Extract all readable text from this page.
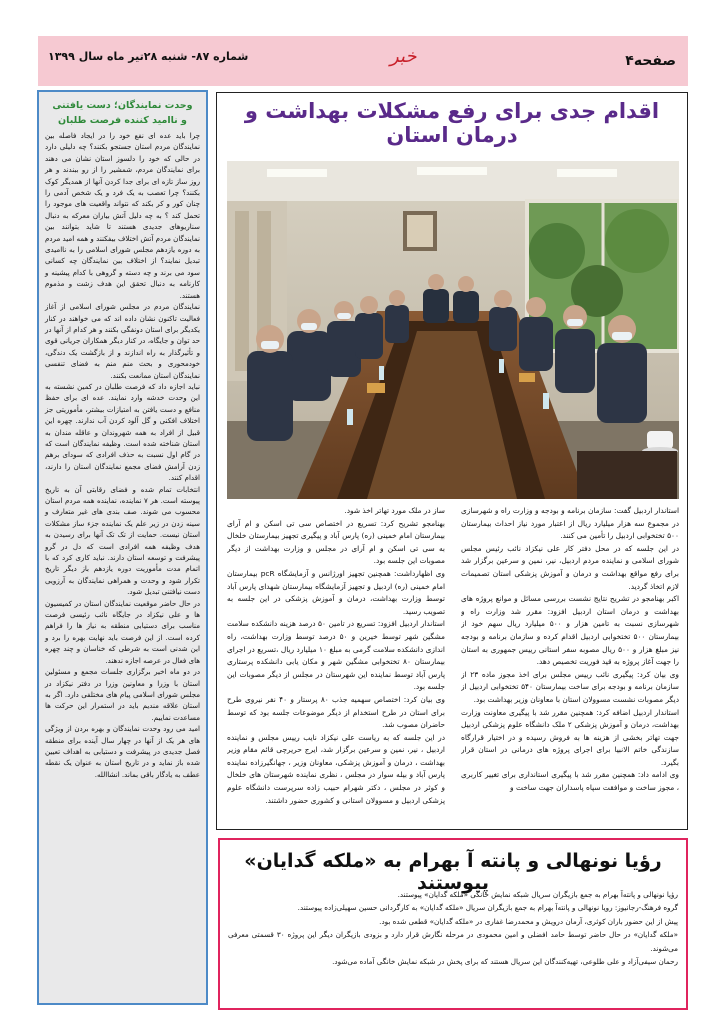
شماره ۸۷- شنبه ۲۸تیر ماه سال ۱۳۹۹	خبر	صفحه۴
وحدت نمایندگان؛ دست یافتنی
و ناامید کننده فرصت طلبان

چرا باید عده ای نفع خود را در ایجاد فاصله بین نمایندگان مردم استان جستجو بکنند؟ چه دلیلی دارد در حالی که خود را دلسوز استان نشان می دهند برای نمایندگان مردم، شمشیر را از رو ببندند و هر روز ساز تازه ای برای جدا کردن آنها از همدیگر کوک بکنند؟ چرا تعصب به یک فرد و یک شخص آدمی را چنان کور و کر بکند که نتواند واقعیت های موجود را تحمل کند ؟ به چه دلیل آتش بیاران معرکه به دنبال سناریوهای جدیدی هستند تا شاید بتوانند بین نمایندگان مردم آتش اختلاف بیفکنند و همه امید مردم به دوره یازدهم مجلس شورای اسلامی را به ناامیدی تبدیل نمایند؟ از اختلاف بین نمایندگان چه کسانی سود می برند و چه دسته و گروهی با کدام پیشینه و کارنامه به دنبال تحقق این هدف زشت و مذموم هستند.

نمایندگان مردم در مجلس شورای اسلامی از آغاز فعالیت تاکنون نشان داده اند که می خواهند در کنار یکدیگر برای استان دونفگی بکنند و هر کدام از آنها در حد توان و جایگاه، در کنار دیگر همکاران جریانی قوی و تأثیرگذار به راه اندازند و از بازگشت یک دندگی، خودمحوری و بحث منم منم به فضای تنفسی نمایندگان استان ممانعت بکنند.

نباید اجازه داد که فرصت طلبان در کمین نشسته به این وحدت خدشه وارد نمایند. عده ای برای حفظ منافع و دست یافتن به امتیازات بیشتر، مأموریتی جز اختلاف افکنی و گل آلود کردن آب ندارند. چهره این قبیل از افراد به همه شهروندان و عاقله مندان به استان شناخته شده است. وظیفه نمایندگان است که در گام اول نسبت به حذف افرادی که سودای برهم زدن آرامش فضای مجمع نمایندگان استان را دارند، اقدام کنند.

انتخابات تمام شده و فضای رقابتی آن به تاریخ پیوسته است. هر ۷ نماینده، نماینده همه مردم استان محسوب می شوند. صف بندی های غیر متعارف و سینه زدن در زیر علم یک نماینده جزء ساز مشکلات استان نیست. حمایت از تک تک آنها برای رسیدن به هدف وظیفه همه افرادی است که دل در گرو پیشرفت و توسعه استان دارند. نباید کاری کرد که با اتمام مدت مأموریت دوره یازدهم باز دیگر تاریخ تکرار شود و وحدت و همراهی نمایندگان به آرزویی دست نیافتنی تبدیل شود.

در حال حاضر موقعیت نمایندگان استان در کمیسیون ها و علی نیکزاد در جایگاه نائب رئیسی فرصت مناسب برای دستیابی منطقه به نیاز ها را فراهم کرده است. از این فرصت باید نهایت بهره را برد و این شدنی است به شرطی که خناسان و چند چهره های فعال در عرصه اجازه ندهند.

در دو ماه اخیر برگزاری جلسات مجمع و مسئولین استان با وزرا و معاونین وزرا در دفتر نیکزاد در مجلس شورای اسلامی پیام های مختلفی دارد. اگر به استان علاقه مندیم باید در استمرار این حرکت ها مساعدت نماییم.

امید می رود وحدت نمایندگان و بهره بردن از ویژگی های هر یک از آنها در چهار سال آینده برای منطقه فصل جدیدی در پیشرفت و دستیابی به اهداف تعیین شده باز نماید و در تاریخ استان به عنوان یک نقطه عطف به یادگار باقی بماند. انشاالله.

اقدام جدی برای رفع مشکلات بهداشت و درمان استان

استاندار اردبیل گفت: سازمان برنامه و بودجه و وزارت راه و شهرسازی در مجموع سه هزار میلیارد ریال از اعتبار مورد نیاز احداث بیمارستان ۵۰۰ تختخوابی اردبیل را تأمین می کنند.

در این جلسه که در محل دفتر کار علی نیکزاد نائب رئیس مجلس شورای اسلامی و نماینده مردم اردبیل، نیر، نمین و سرعین برگزار شد برای رفع مواقع بهداشت و درمان و آموزش پزشکی استان تصمیمات لازم اتخاذ گردید.

اکبر بهنامجو در تشریح نتایج نشست بررسی مسائل و موانع پروژه های بهداشت و درمان استان اردبیل افزود: مقرر شد وزارت راه و شهرسازی نسبت به تامین هزار و ۵۰۰ میلیارد ریال سهم خود از بیمارستان ۵۰۰ تختخوابی اردبیل اقدام کرده و سازمان برنامه و بودجه نیز مبلغ هزار و ۵۰۰ ریال مصوبه سفر استانی رییس جمهوری به استان را جهت آغاز پروژه به قید فوریت تخصیص دهد.

وی بیان کرد: پیگیری نائب رییس مجلس برای اخذ مجوز ماده ۲۳ از سازمان برنامه و بودجه برای ساخت بیمارستان ۵۴۰ تختخوابی اردبیل از دیگر مصوبات نشست مسوولان استان با معاونان وزیر بهداشت بود.

استاندار اردبیل اضافه کرد: همچنین مقرر شد با پیگیری معاونت وزارت بهداشت، درمان و آموزش پزشکی ۲ ملک دانشگاه علوم پزشکی اردبیل جهت تهاتر بخشی از هزینه ها به فروش رسیده و در اختیار قرارگاه سازندگی خاتم الانبیا برای اجرای پروژه های درمانی در استان قرار بگیرد.

وی ادامه داد: همچنین مقرر شد با پیگیری استانداری برای تغییر کاربری ، مجوز ساخت و موافقت سپاه پاسداران جهت ساخت و

ساز در ملک مورد تهاتر اخذ شود.

بهنامجو تشریح کرد: تسریع در اختصاص سی تی اسکن و ام آرای بیمارستان امام خمینی (ره) پارس آباد و پیگیری تجهیز بیمارستان خلخال به سی تی اسکن و ام آرای در مجلس و وزارت بهداشت از دیگر مصوبات این جلسه بود.

وی اظهارداشت: همچنین تجهیز اورژانس و آزمایشگاه pcR بیمارستان امام خمینی (ره) اردبیل و تجهیز آزمایشگاه بیمارستان شهدای پارس آباد توسط وزارت بهداشت، درمان و آموزش پزشکی در این جلسه به تصویب رسید.

استاندار اردبیل افزود: تسریع در تامین ۵۰ درصد هزینه دانشکده سلامت مشگین شهر توسط خیرین و ۵۰ درصد توسط وزارت بهداشت، راه اندازی دانشکده سلامت گرمی به مبلغ ۱۰ میلیارد ریال ،تسریع در اجرای بیمارستان ۸۰ تختخوابی مشگین شهر و مکان یابی دانشکده پرستاری پارس آباد توسط نماینده این شهرستان در مجلس از دیگر مصوبات این جلسه بود.

وی بیان کرد: اختصاص سهمیه جذب ۸۰ پرستار و ۴۰ نفر نیروی طرح برای استان در طرح استخدام از دیگر موضوعات جلسه بود که توسط حاضران مصوب شد.

در این جلسه که به ریاست علی نیکزاد نایب رییس مجلس و نماینده اردبیل ، نیر، نمین و سرعین برگزار شد، ایرج حریرچی قائم مقام وزیر بهداشت ، درمان و آموزش پزشکی، معاونان وزیر ، جهانگیرزاده نماینده پارس آباد و بیله سوار در مجلس ، نظری نماینده شهرستان های خلخال و کوثر در مجلس ، دکتر شهرام حبیب زاده سرپرست دانشگاه علوم پزشکی اردبیل و مسوولان استانی و کشوری حضور داشتند.

رؤیا نونهالی و پانته آ بهرام به «ملکه گدایان» پیوستند

رؤیا نونهالی و پانته‌آ بهرام به جمع بازیگران سریال شبکه نمایش خانگی «ملکه گدایان» پیوستند.

گروه فرهنگ-رجانیوز: رویا نونهالی و پانته‌آ بهرام به جمع بازیگران سریال «ملکه گدایان» به کارگردانی حسین سهیلی‌زاده پیوستند.

پیش از این حضور باران کوثری، آرمان درویش و محمدرضا غفاری در «ملکه گدایان» قطعی شده بود.

«ملکه گدایان» در حال حاضر توسط حامد افضلی و امین محمودی در مرحله نگارش قرار دارد و بزودی بازیگران دیگر این پروژه ۳۰ قسمتی معرفی می‌شوند.

رحمان سیفی‌آزاد و علی طلوعی، تهیه‌کنندگان این سریال هستند که برای پخش در شبکه نمایش خانگی آماده می‌شود.
